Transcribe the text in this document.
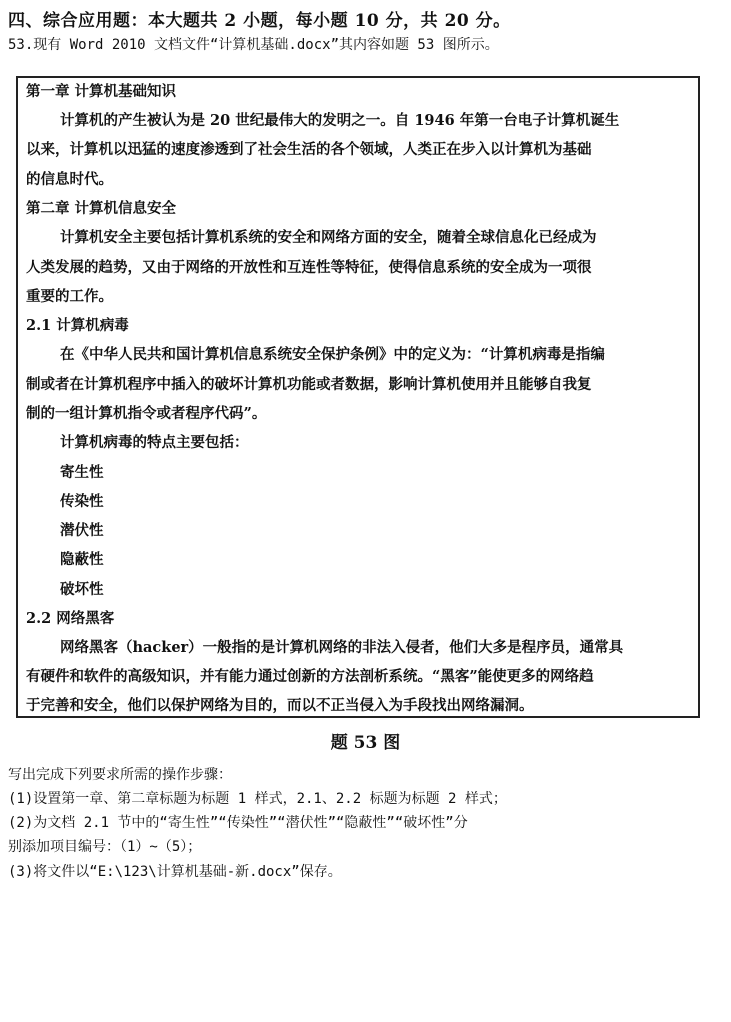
四、综合应用题：本大题共 2 小题，每小题 10 分，共 20 分。
53.现有 Word 2010 文档文件“计算机基础.docx”其内容如题 53 图所示。
第一章 计算机基础知识
计算机的产生被认为是 20 世纪最伟大的发明之一。自 1946 年第一台电子计算机诞生
以来，计算机以迅猛的速度渗透到了社会生活的各个领域，人类正在步入以计算机为基础
的信息时代。
第二章 计算机信息安全
计算机安全主要包括计算机系统的安全和网络方面的安全，随着全球信息化已经成为
人类发展的趋势，又由于网络的开放性和互连性等特征，使得信息系统的安全成为一项很
重要的工作。
2.1 计算机病毒
在《中华人民共和国计算机信息系统安全保护条例》中的定义为：“计算机病毒是指编
制或者在计算机程序中插入的破坏计算机功能或者数据，影响计算机使用并且能够自我复
制的一组计算机指令或者程序代码”。
计算机病毒的特点主要包括：
寄生性
传染性
潜伏性
隐蔽性
破坏性
2.2 网络黑客
网络黑客（hacker）一般指的是计算机网络的非法入侵者，他们大多是程序员，通常具
有硬件和软件的高级知识，并有能力通过创新的方法剖析系统。“黑客”能使更多的网络趋
于完善和安全，他们以保护网络为目的，而以不正当侵入为手段找出网络漏洞。
题 53 图
写出完成下列要求所需的操作步骤：
(1)设置第一章、第二章标题为标题 1 样式，2.1、2.2 标题为标题 2 样式；
(2)为文档 2.1 节中的“寄生性”“传染性”“潜伏性”“隐蔽性”“破坏性”分
别添加项目编号：（1）~（5）；
(3)将文件以“E:\123\计算机基础-新.docx”保存。
